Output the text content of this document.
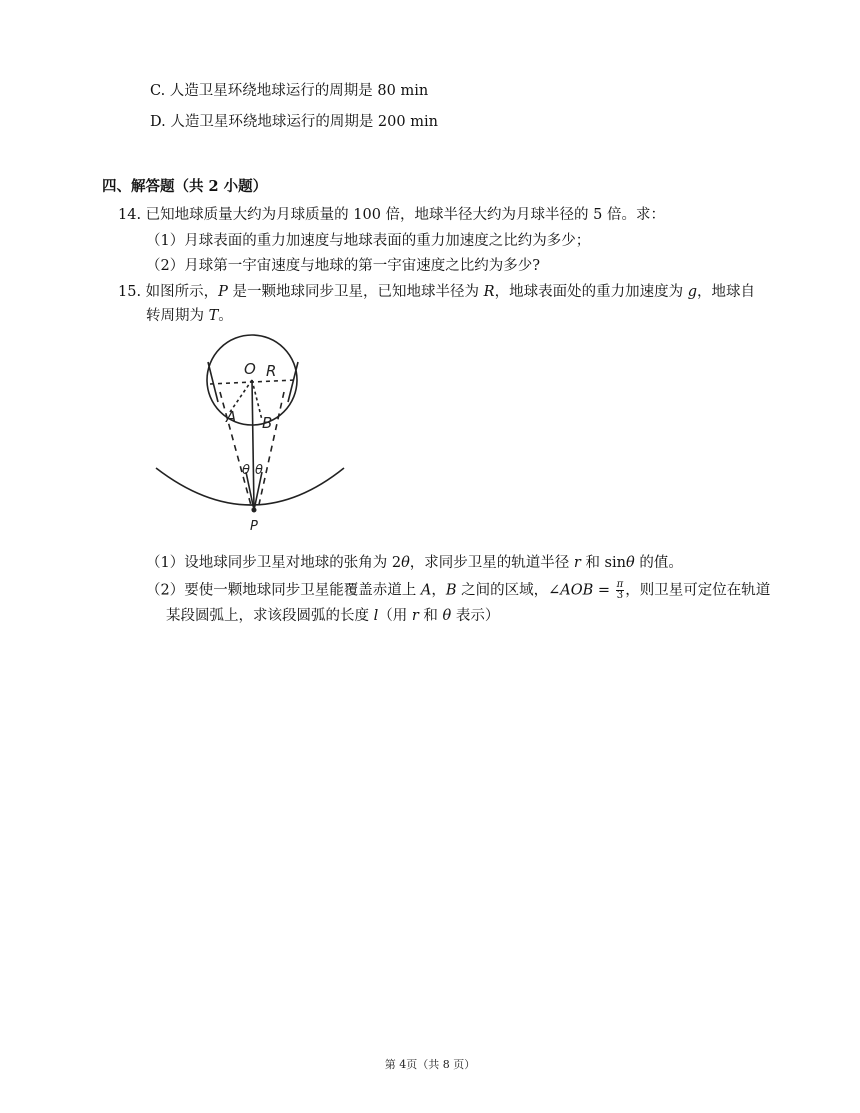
C. 人造卫星环绕地球运行的周期是 80 min
D. 人造卫星环绕地球运行的周期是 200 min
四、解答题（共 2 小题）
14. 已知地球质量大约为月球质量的 100 倍，地球半径大约为月球半径的 5 倍。求：
（1）月球表面的重力加速度与地球表面的重力加速度之比约为多少；
（2）月球第一宇宙速度与地球的第一宇宙速度之比约为多少?
15. 如图所示，P 是一颗地球同步卫星，已知地球半径为 R，地球表面处的重力加速度为 g，地球自
转周期为 T。
O R
A B
θ θ
P
（1）设地球同步卫星对地球的张角为 2θ，求同步卫星的轨道半径 r 和 sinθ 的值。
（2）要使一颗地球同步卫星能覆盖赤道上 A，B 之间的区域，∠AOB = $\frac{\pi}{3}$ ，则卫星可定位在轨道
某段圆弧上，求该段圆弧的长度 l（用 r 和 θ 表示）
第 4页（共 8 页）
